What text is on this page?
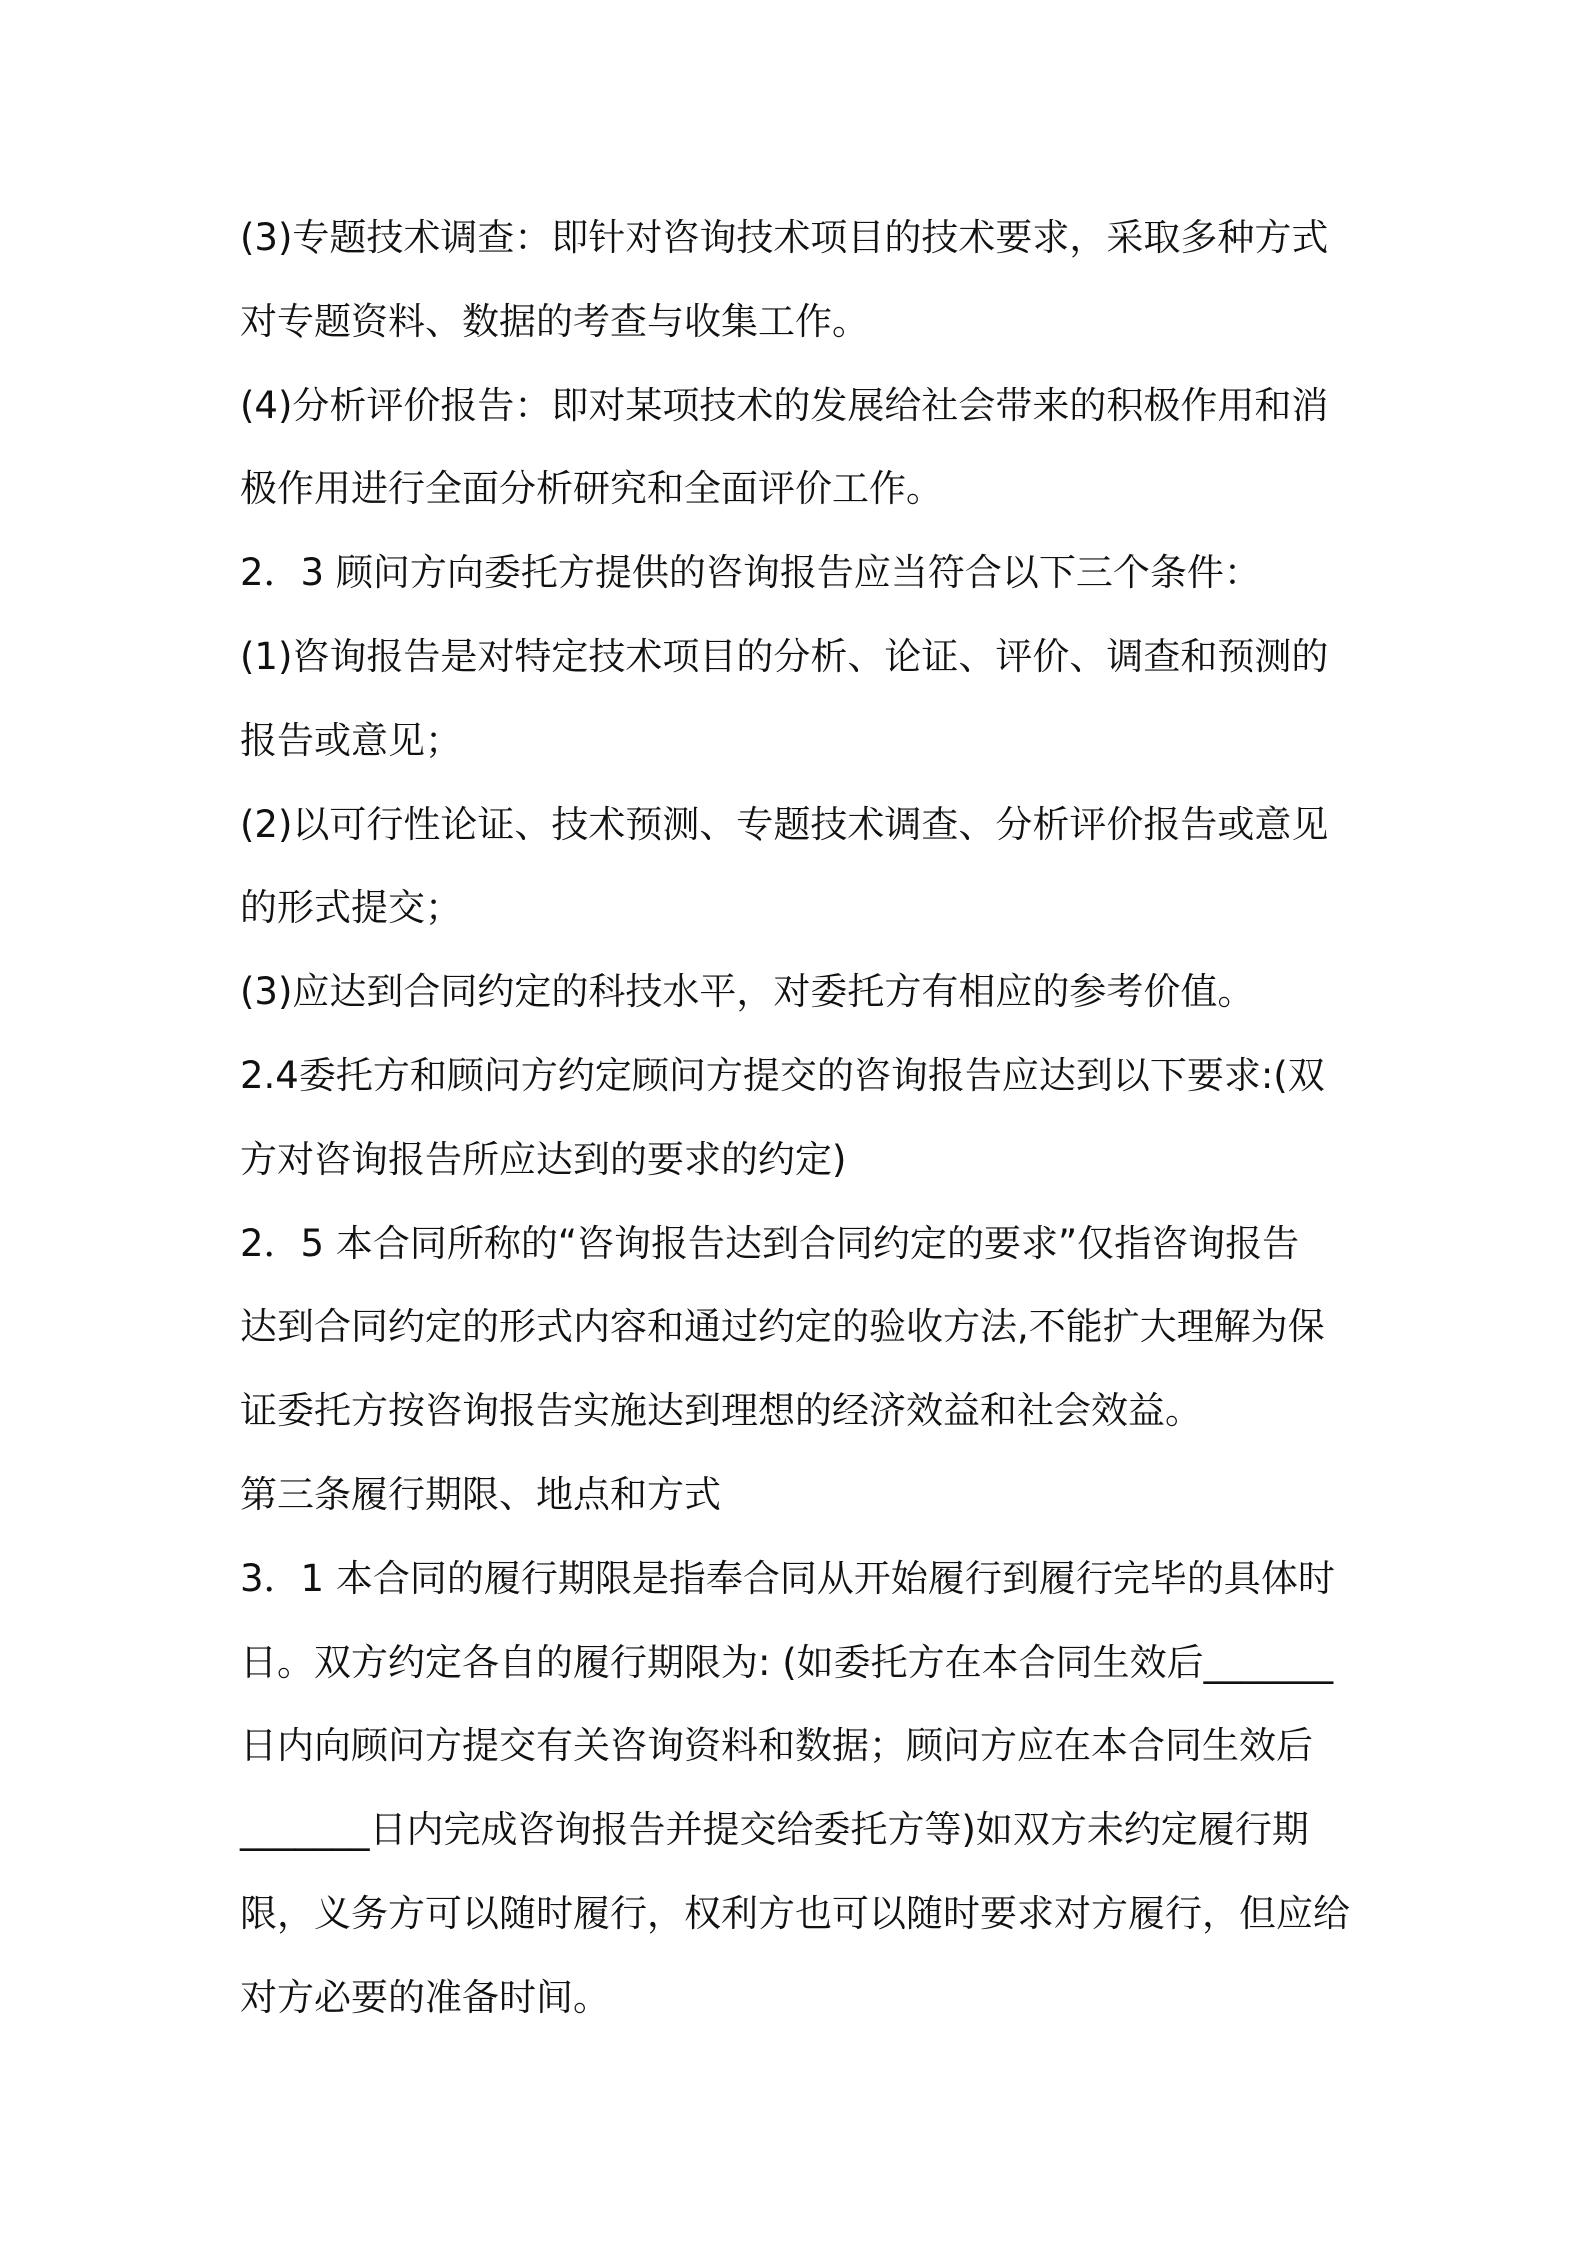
(3)专题技术调查：即针对咨询技术项目的技术要求，采取多种方式
对专题资料、数据的考查与收集工作。
(4)分析评价报告：即对某项技术的发展给社会带来的积极作用和消
极作用进行全面分析研究和全面评价工作。
2．3 顾问方向委托方提供的咨询报告应当符合以下三个条件：
(1)咨询报告是对特定技术项目的分析、论证、评价、调查和预测的
报告或意见；
(2)以可行性论证、技术预测、专题技术调查、分析评价报告或意见
的形式提交；
(3)应达到合同约定的科技水平，对委托方有相应的参考价值。
2.4委托方和顾问方约定顾问方提交的咨询报告应达到以下要求:(双
方对咨询报告所应达到的要求的约定)
2．5 本合同所称的“咨询报告达到合同约定的要求”仅指咨询报告
达到合同约定的形式内容和通过约定的验收方法,不能扩大理解为保
证委托方按咨询报告实施达到理想的经济效益和社会效益。
第三条履行期限、地点和方式
3．1 本合同的履行期限是指奉合同从开始履行到履行完毕的具体时
日。双方约定各自的履行期限为: (如委托方在本合同生效后_______
日内向顾问方提交有关咨询资料和数据；顾问方应在本合同生效后
_______日内完成咨询报告并提交给委托方等)如双方未约定履行期
限，义务方可以随时履行，权利方也可以随时要求对方履行，但应给
对方必要的准备时间。
